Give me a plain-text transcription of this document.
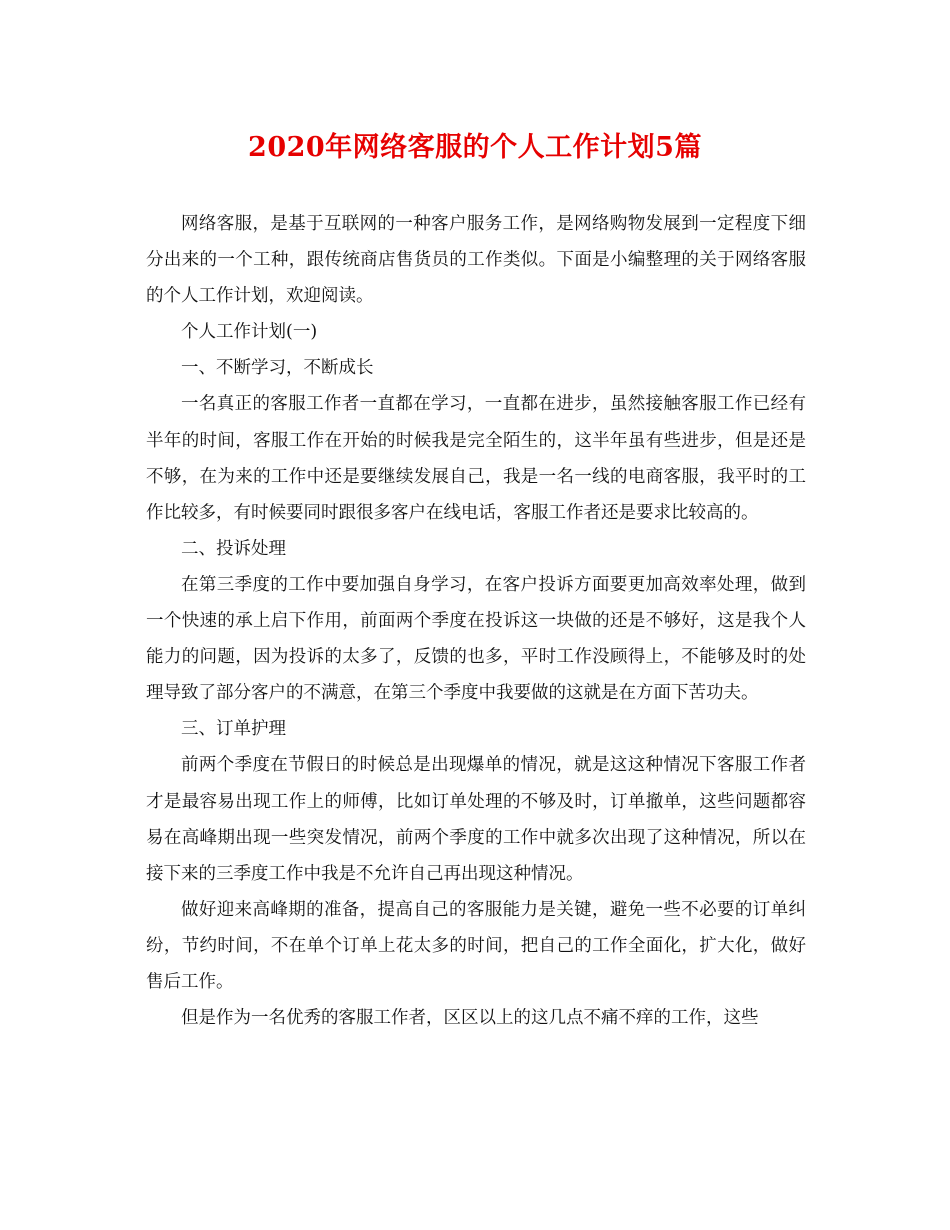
2020年网络客服的个人工作计划5篇

网络客服，是基于互联网的一种客户服务工作，是网络购物发展到一定程度下细分出来的一个工种，跟传统商店售货员的工作类似。下面是小编整理的关于网络客服的个人工作计划，欢迎阅读。

个人工作计划(一)

一、不断学习，不断成长

一名真正的客服工作者一直都在学习，一直都在进步，虽然接触客服工作已经有半年的时间，客服工作在开始的时候我是完全陌生的，这半年虽有些进步，但是还是不够，在为来的工作中还是要继续发展自己，我是一名一线的电商客服，我平时的工作比较多，有时候要同时跟很多客户在线电话，客服工作者还是要求比较高的。

二、投诉处理

在第三季度的工作中要加强自身学习，在客户投诉方面要更加高效率处理，做到一个快速的承上启下作用，前面两个季度在投诉这一块做的还是不够好，这是我个人能力的问题，因为投诉的太多了，反馈的也多，平时工作没顾得上，不能够及时的处理导致了部分客户的不满意，在第三个季度中我要做的这就是在方面下苦功夫。

三、订单护理

前两个季度在节假日的时候总是出现爆单的情况，就是这这种情况下客服工作者才是最容易出现工作上的师傅，比如订单处理的不够及时，订单撤单，这些问题都容易在高峰期出现一些突发情况，前两个季度的工作中就多次出现了这种情况，所以在接下来的三季度工作中我是不允许自己再出现这种情况。

做好迎来高峰期的准备，提高自己的客服能力是关键，避免一些不必要的订单纠纷，节约时间，不在单个订单上花太多的时间，把自己的工作全面化，扩大化，做好售后工作。

但是作为一名优秀的客服工作者，区区以上的这几点不痛不痒的工作，这些
